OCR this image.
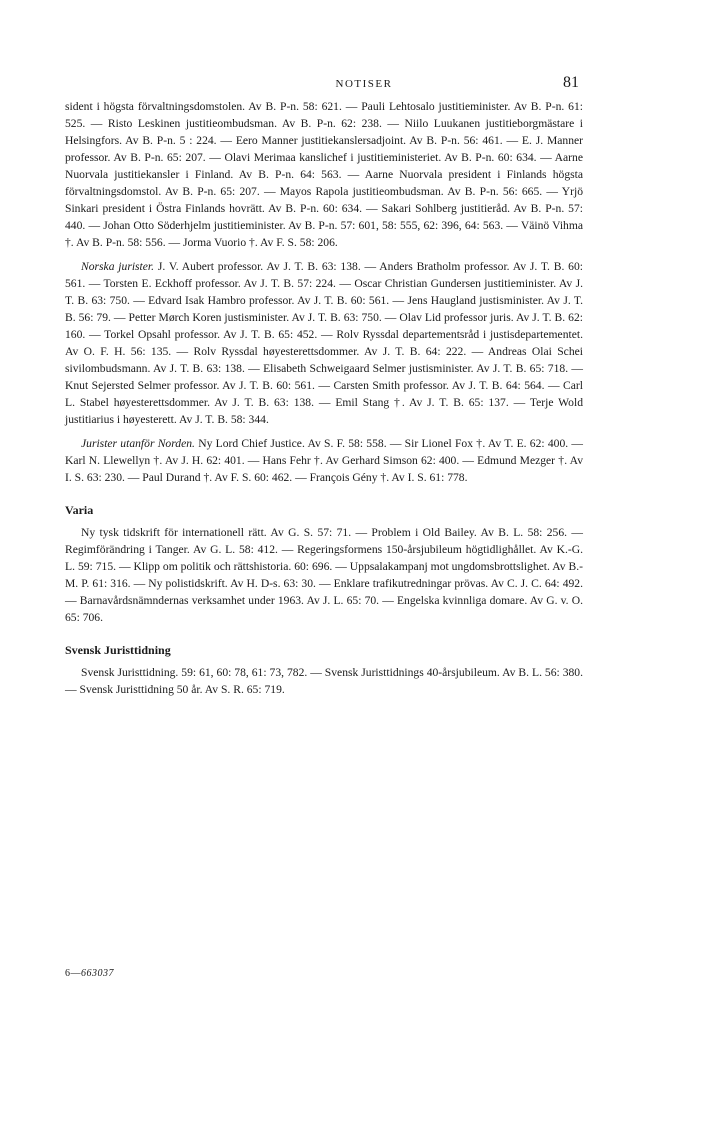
NOTISER	81

sident i högsta förvaltningsdomstolen. Av B. P-n. 58: 621. — Pauli Lehtosalo justitieminister. Av B. P-n. 61: 525. — Risto Leskinen justitieombudsman. Av B. P-n. 62: 238. — Niilo Luukanen justitieborgmästare i Helsingfors. Av B. P-n. 5 : 224. — Eero Manner justitiekanslersadjoint. Av B. P-n. 56: 461. — E. J. Manner professor. Av B. P-n. 65: 207. — Olavi Merimaa kanslichef i justitieministeriet. Av B. P-n. 60: 634. — Aarne Nuorvala justitiekansler i Finland. Av B. P-n. 64: 563. — Aarne Nuorvala president i Finlands högsta förvaltningsdomstol. Av B. P-n. 65: 207. — Mayos Rapola justitieombudsman. Av B. P-n. 56: 665. — Yrjö Sinkari president i Östra Finlands hovrätt. Av B. P-n. 60: 634. — Sakari Sohlberg justitieråd. Av B. P-n. 57: 440. — Johan Otto Söderhjelm justitieminister. Av B. P-n. 57: 601, 58: 555, 62: 396, 64: 563. — Väinö Vihma †. Av B. P-n. 58: 556. — Jorma Vuorio †. Av F. S. 58: 206.

Norska jurister. J. V. Aubert professor. Av J. T. B. 63: 138. — Anders Bratholm professor. Av J. T. B. 60: 561. — Torsten E. Eckhoff professor. Av J. T. B. 57: 224. — Oscar Christian Gundersen justitieminister. Av J. T. B. 63: 750. — Edvard Isak Hambro professor. Av J. T. B. 60: 561. — Jens Haugland justisminister. Av J. T. B. 56: 79. — Petter Mørch Koren justisminister. Av J. T. B. 63: 750. — Olav Lid professor juris. Av J. T. B. 62: 160. — Torkel Opsahl professor. Av J. T. B. 65: 452. — Rolv Ryssdal departementsråd i justisdepartementet. Av O. F. H. 56: 135. — Rolv Ryssdal høyesterettsdommer. Av J. T. B. 64: 222. — Andreas Olai Schei sivilombudsmann. Av J. T. B. 63: 138. — Elisabeth Schweigaard Selmer justisminister. Av J. T. B. 65: 718. — Knut Sejersted Selmer professor. Av J. T. B. 60: 561. — Carsten Smith professor. Av J. T. B. 64: 564. — Carl L. Stabel høyesterettsdommer. Av J. T. B. 63: 138. — Emil Stang †. Av J. T. B. 65: 137. — Terje Wold justitiarius i høyesterett. Av J. T. B. 58: 344.

Jurister utanför Norden. Ny Lord Chief Justice. Av S. F. 58: 558. — Sir Lionel Fox †. Av T. E. 62: 400. — Karl N. Llewellyn †. Av J. H. 62: 401. — Hans Fehr †. Av Gerhard Simson 62: 400. — Edmund Mezger †. Av I. S. 63: 230. — Paul Durand †. Av F. S. 60: 462. — François Gény †. Av I. S. 61: 778.

Varia

Ny tysk tidskrift för internationell rätt. Av G. S. 57: 71. — Problem i Old Bailey. Av B. L. 58: 256. — Regimförändring i Tanger. Av G. L. 58: 412. — Regeringsformens 150-årsjubileum högtidlighållet. Av K.-G. L. 59: 715. — Klipp om politik och rättshistoria. 60: 696. — Uppsalakampanj mot ungdomsbrottslighet. Av B.-M. P. 61: 316. — Ny polistidskrift. Av H. D-s. 63: 30. — Enklare trafikutredningar prövas. Av C. J. C. 64: 492. — Barnavårdsnämndernas verksamhet under 1963. Av J. L. 65: 70. — Engelska kvinnliga domare. Av G. v. O. 65: 706.

Svensk Juristtidning

Svensk Juristtidning. 59: 61, 60: 78, 61: 73, 782. — Svensk Juristtidnings 40-årsjubileum. Av B. L. 56: 380. — Svensk Juristtidning 50 år. Av S. R. 65: 719.

6—663037
